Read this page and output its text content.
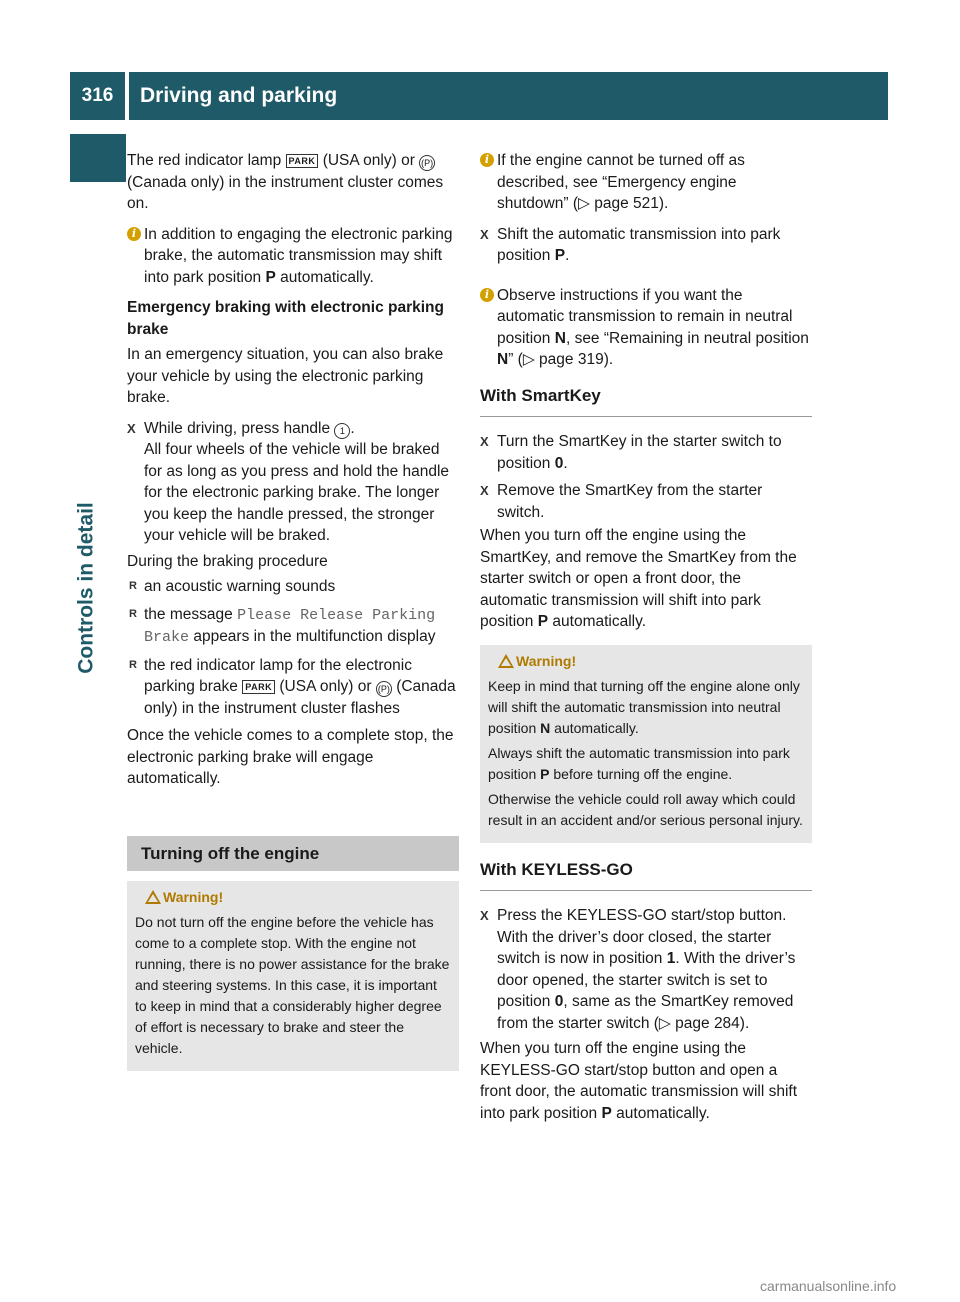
316	Driving and parking
Controls in detail

The red indicator lamp PARK (USA only) or (P) (Canada only) in the instrument cluster comes on.

i In addition to engaging the electronic parking brake, the automatic transmission may shift into park position P automatically.

Emergency braking with electronic parking brake

In an emergency situation, you can also brake your vehicle by using the electronic parking brake.

X While driving, press handle 1 .
All four wheels of the vehicle will be braked for as long as you press and hold the handle for the electronic parking brake. The longer you keep the handle pressed, the stronger your vehicle will be braked.

During the braking procedure

R an acoustic warning sounds
R the message Please Release Parking Brake appears in the multifunction display
R the red indicator lamp for the electronic parking brake PARK (USA only) or (P) (Canada only) in the instrument cluster flashes

Once the vehicle comes to a complete stop, the electronic parking brake will engage automatically.

Turning off the engine
Warning!

Do not turn off the engine before the vehicle has come to a complete stop. With the engine not running, there is no power assistance for the brake and steering systems. In this case, it is important to keep in mind that a considerably higher degree of effort is necessary to brake and steer the vehicle.

i If the engine cannot be turned off as described, see “Emergency engine shutdown” (▷ page 521).

X Shift the automatic transmission into park position P.

i Observe instructions if you want the automatic transmission to remain in neutral position N, see “Remaining in neutral position N” (▷ page 319).

With SmartKey

X Turn the SmartKey in the starter switch to position 0.

X Remove the SmartKey from the starter switch.

When you turn off the engine using the SmartKey, and remove the SmartKey from the starter switch or open a front door, the automatic transmission will shift into park position P automatically.

Warning!

Keep in mind that turning off the engine alone only will shift the automatic transmission into neutral position N automatically.

Always shift the automatic transmission into park position P before turning off the engine.

Otherwise the vehicle could roll away which could result in an accident and/or serious personal injury.

With KEYLESS-GO

X Press the KEYLESS-GO start/stop button. With the driver’s door closed, the starter switch is now in position 1. With the driver’s door opened, the starter switch is set to position 0, same as the SmartKey removed from the starter switch (▷ page 284).

When you turn off the engine using the KEYLESS-GO start/stop button and open a front door, the automatic transmission will shift into park position P automatically.

carmanualsonline.info
